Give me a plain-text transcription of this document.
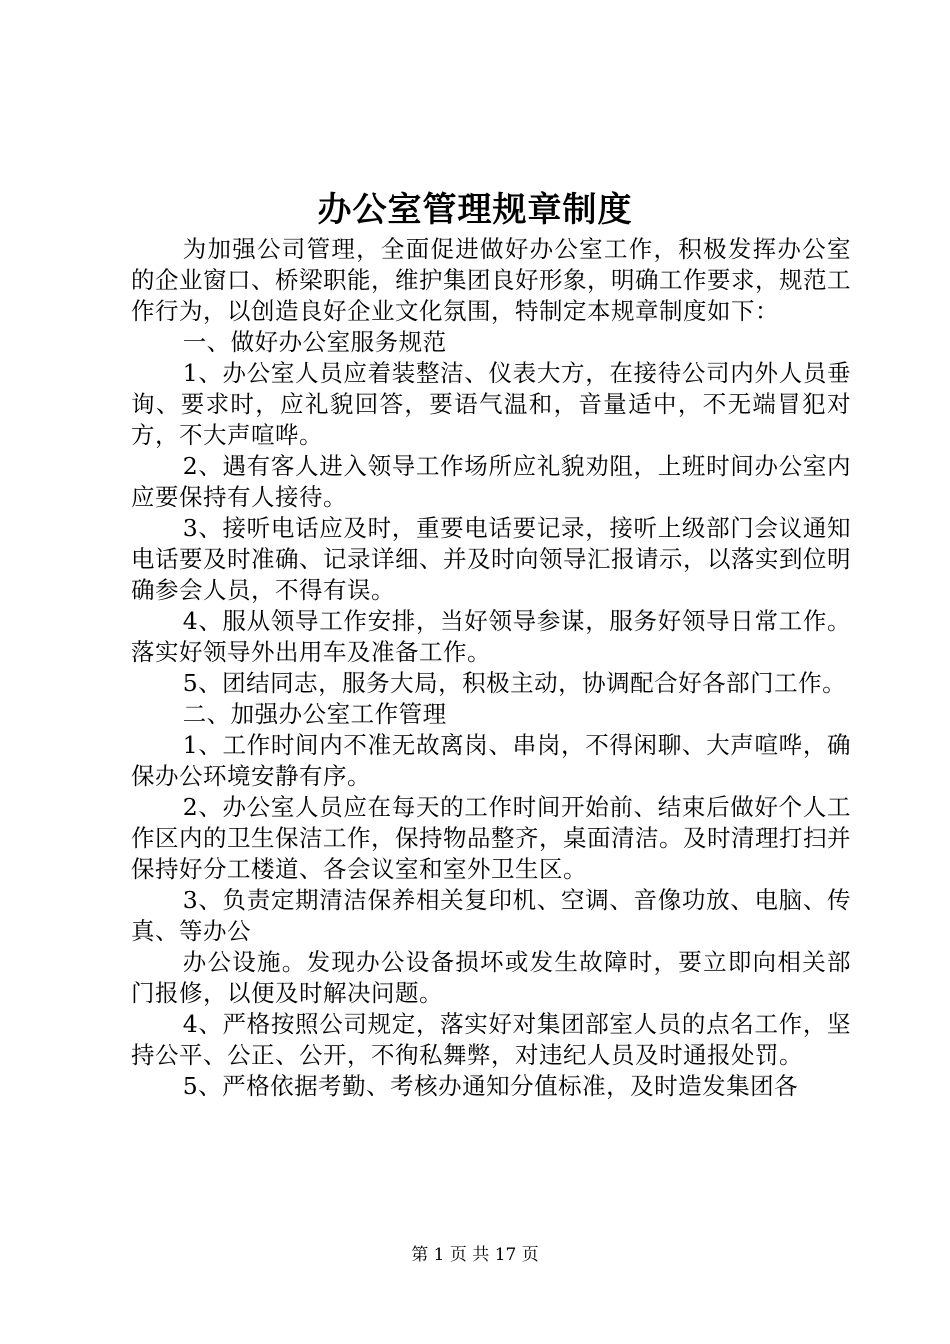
办公室管理规章制度

为加强公司管理，全面促进做好办公室工作，积极发挥办公室的企业窗口、桥梁职能，维护集团良好形象，明确工作要求，规范工作行为，以创造良好企业文化氛围，特制定本规章制度如下：

一、做好办公室服务规范

1、办公室人员应着装整洁、仪表大方，在接待公司内外人员垂询、要求时，应礼貌回答，要语气温和，音量适中，不无端冒犯对方，不大声喧哗。

2、遇有客人进入领导工作场所应礼貌劝阻，上班时间办公室内应要保持有人接待。

3、接听电话应及时，重要电话要记录，接听上级部门会议通知电话要及时准确、记录详细、并及时向领导汇报请示，以落实到位明确参会人员，不得有误。

4、服从领导工作安排，当好领导参谋，服务好领导日常工作。落实好领导外出用车及准备工作。

5、团结同志，服务大局，积极主动，协调配合好各部门工作。

二、加强办公室工作管理

1、工作时间内不准无故离岗、串岗，不得闲聊、大声喧哗，确保办公环境安静有序。

2、办公室人员应在每天的工作时间开始前、结束后做好个人工作区内的卫生保洁工作，保持物品整齐，桌面清洁。及时清理打扫并保持好分工楼道、各会议室和室外卫生区。

3、负责定期清洁保养相关复印机、空调、音像功放、电脑、传真、等办公

办公设施。发现办公设备损坏或发生故障时，要立即向相关部门报修，以便及时解决问题。

4、严格按照公司规定，落实好对集团部室人员的点名工作，坚持公平、公正、公开，不徇私舞弊，对违纪人员及时通报处罚。

5、严格依据考勤、考核办通知分值标准，及时造发集团各

第 1 页 共 17 页
